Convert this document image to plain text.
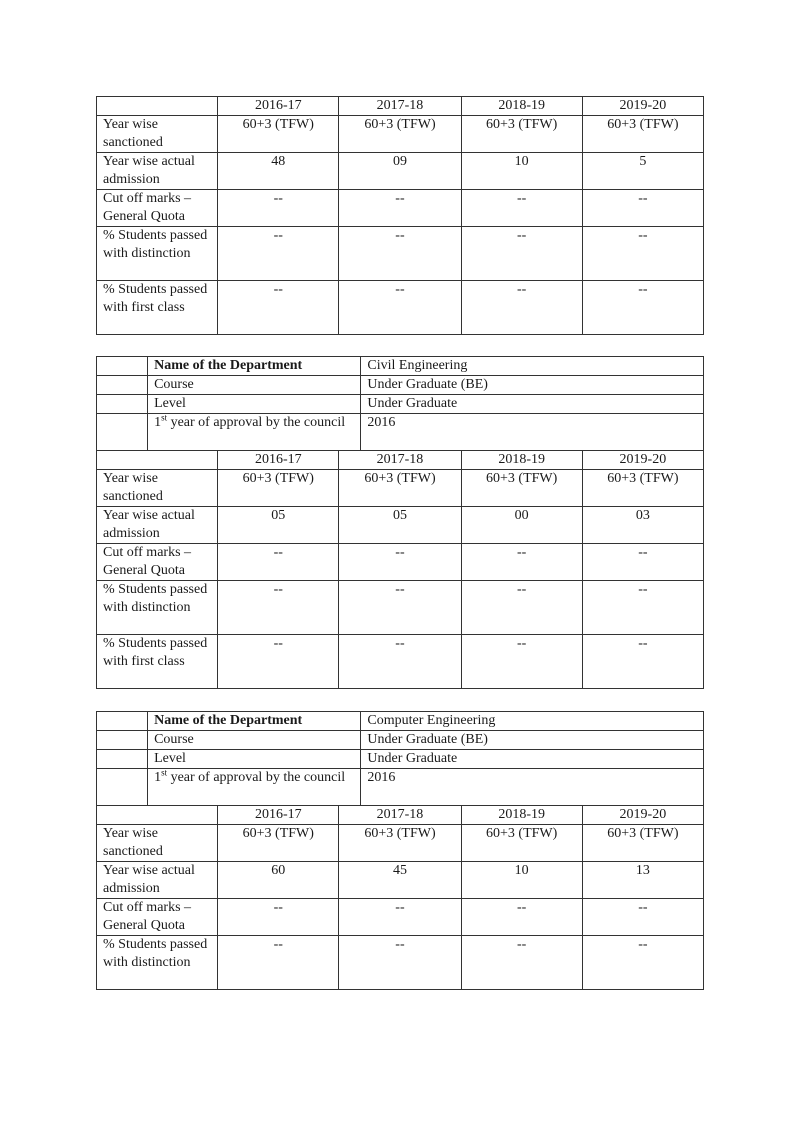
	2016-17	2017-18	2018-19	2019-20
Year wise sanctioned	60+3 (TFW)	60+3 (TFW)	60+3 (TFW)	60+3 (TFW)
Year wise actual admission	48	09	10	5
Cut off marks – General Quota	--	--	--	--
% Students passed with distinction	--	--	--	--
% Students passed with first class	--	--	--	--
	Name of the Department	Civil Engineering
	Course	Under Graduate (BE)
	Level	Under Graduate
	1st year of approval by the council	2016
	2016-17	2017-18	2018-19	2019-20
Year wise sanctioned	60+3 (TFW)	60+3 (TFW)	60+3 (TFW)	60+3 (TFW)
Year wise actual admission	05	05	00	03
Cut off marks – General Quota	--	--	--	--
% Students passed with distinction	--	--	--	--
% Students passed with first class	--	--	--	--
	Name of the Department	Computer Engineering
	Course	Under Graduate (BE)
	Level	Under Graduate
	1st year of approval by the council	2016
	2016-17	2017-18	2018-19	2019-20
Year wise sanctioned	60+3 (TFW)	60+3 (TFW)	60+3 (TFW)	60+3 (TFW)
Year wise actual admission	60	45	10	13
Cut off marks – General Quota	--	--	--	--
% Students passed with distinction	--	--	--	--
